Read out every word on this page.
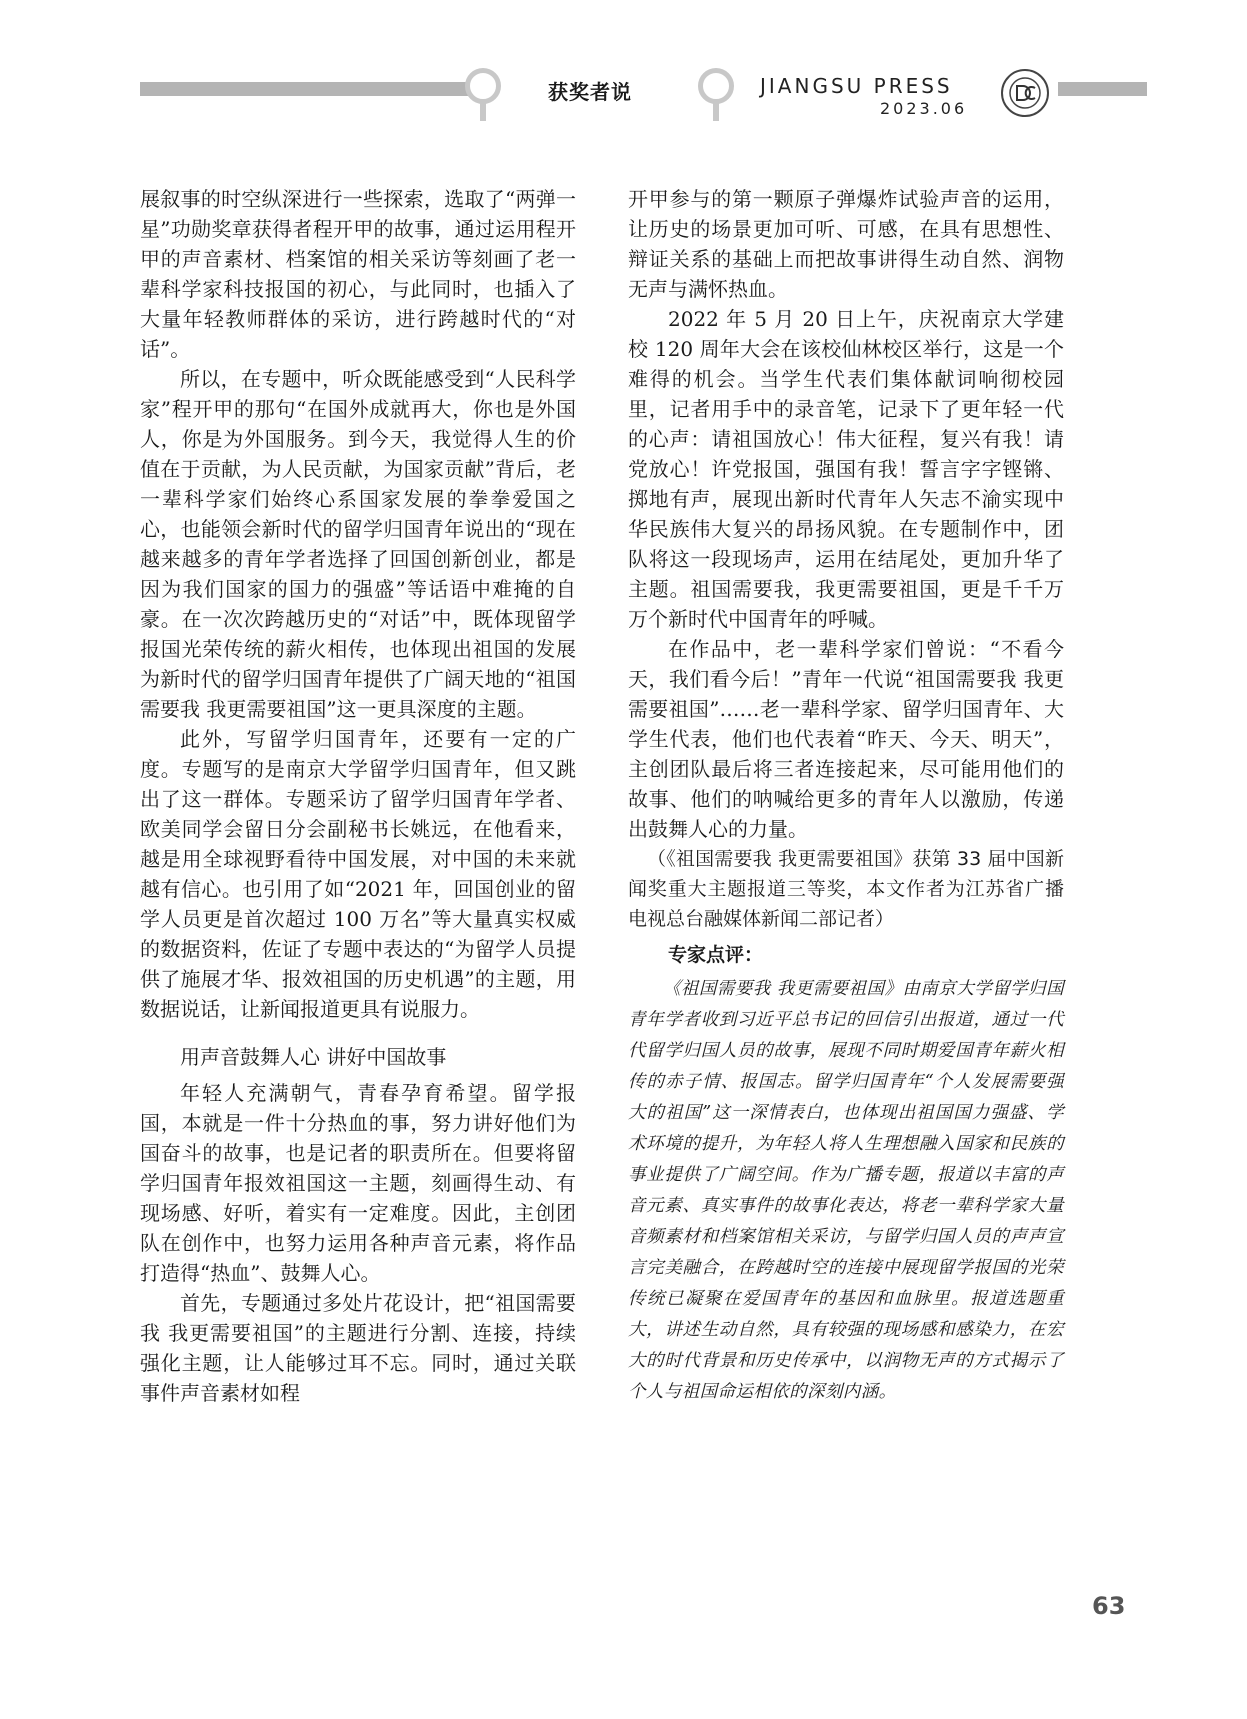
获奖者说	JIANGSU PRESS
2023.06

展叙事的时空纵深进行一些探索，选取了“两弹一星”功勋奖章获得者程开甲的故事，通过运用程开甲的声音素材、档案馆的相关采访等刻画了老一辈科学家科技报国的初心，与此同时，也插入了大量年轻教师群体的采访，进行跨越时代的“对话”。

所以，在专题中，听众既能感受到“人民科学家”程开甲的那句“在国外成就再大，你也是外国人，你是为外国服务。到今天，我觉得人生的价值在于贡献，为人民贡献，为国家贡献”背后，老一辈科学家们始终心系国家发展的拳拳爱国之心，也能领会新时代的留学归国青年说出的“现在越来越多的青年学者选择了回国创新创业，都是因为我们国家的国力的强盛”等话语中难掩的自豪。在一次次跨越历史的“对话”中，既体现留学报国光荣传统的薪火相传，也体现出祖国的发展为新时代的留学归国青年提供了广阔天地的“祖国需要我 我更需要祖国”这一更具深度的主题。

此外，写留学归国青年，还要有一定的广度。专题写的是南京大学留学归国青年，但又跳出了这一群体。专题采访了留学归国青年学者、欧美同学会留日分会副秘书长姚远，在他看来，越是用全球视野看待中国发展，对中国的未来就越有信心。也引用了如“2021 年，回国创业的留学人员更是首次超过 100 万名”等大量真实权威的数据资料，佐证了专题中表达的“为留学人员提供了施展才华、报效祖国的历史机遇”的主题，用数据说话，让新闻报道更具有说服力。

用声音鼓舞人心 讲好中国故事

年轻人充满朝气，青春孕育希望。留学报国，本就是一件十分热血的事，努力讲好他们为国奋斗的故事，也是记者的职责所在。但要将留学归国青年报效祖国这一主题，刻画得生动、有现场感、好听，着实有一定难度。因此，主创团队在创作中，也努力运用各种声音元素，将作品打造得“热血”、鼓舞人心。

首先，专题通过多处片花设计，把“祖国需要我 我更需要祖国”的主题进行分割、连接，持续强化主题，让人能够过耳不忘。同时，通过关联事件声音素材如程

开甲参与的第一颗原子弹爆炸试验声音的运用，让历史的场景更加可听、可感，在具有思想性、辩证关系的基础上而把故事讲得生动自然、润物无声与满怀热血。

2022 年 5 月 20 日上午，庆祝南京大学建校 120 周年大会在该校仙林校区举行，这是一个难得的机会。当学生代表们集体献词响彻校园里，记者用手中的录音笔，记录下了更年轻一代的心声：请祖国放心！伟大征程，复兴有我！请党放心！许党报国，强国有我！誓言字字铿锵、掷地有声，展现出新时代青年人矢志不渝实现中华民族伟大复兴的昂扬风貌。在专题制作中，团队将这一段现场声，运用在结尾处，更加升华了主题。祖国需要我，我更需要祖国，更是千千万万个新时代中国青年的呼喊。

在作品中，老一辈科学家们曾说：“不看今天，我们看今后！”青年一代说“祖国需要我 我更需要祖国”……老一辈科学家、留学归国青年、大学生代表，他们也代表着“昨天、今天、明天”，主创团队最后将三者连接起来，尽可能用他们的故事、他们的呐喊给更多的青年人以激励，传递出鼓舞人心的力量。

（《祖国需要我 我更需要祖国》获第 33 届中国新闻奖重大主题报道三等奖，本文作者为江苏省广播电视总台融媒体新闻二部记者）

专家点评：

《祖国需要我 我更需要祖国》由南京大学留学归国青年学者收到习近平总书记的回信引出报道，通过一代代留学归国人员的故事，展现不同时期爱国青年薪火相传的赤子情、报国志。留学归国青年“个人发展需要强大的祖国”这一深情表白，也体现出祖国国力强盛、学术环境的提升，为年轻人将人生理想融入国家和民族的事业提供了广阔空间。作为广播专题，报道以丰富的声音元素、真实事件的故事化表达，将老一辈科学家大量音频素材和档案馆相关采访，与留学归国人员的声声宣言完美融合，在跨越时空的连接中展现留学报国的光荣传统已凝聚在爱国青年的基因和血脉里。报道选题重大，讲述生动自然，具有较强的现场感和感染力，在宏大的时代背景和历史传承中，以润物无声的方式揭示了个人与祖国命运相依的深刻内涵。

63
